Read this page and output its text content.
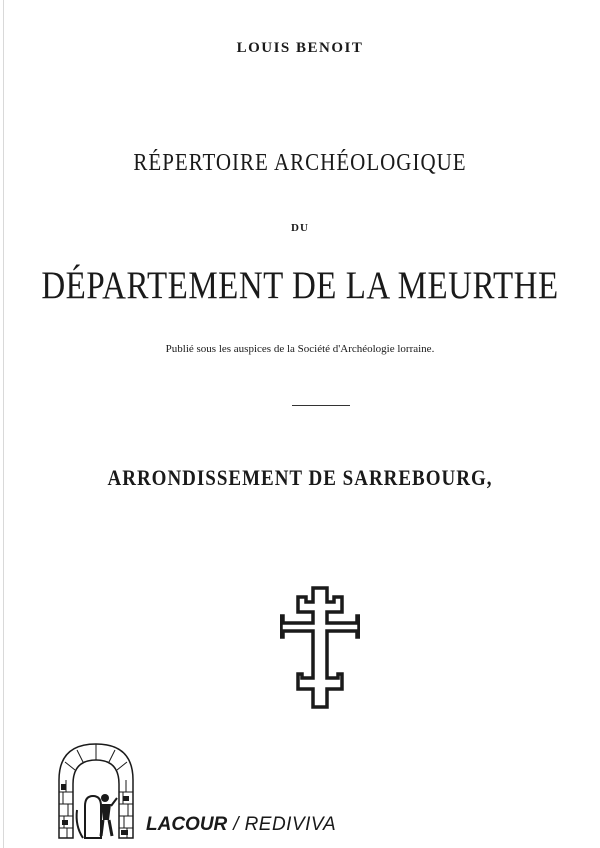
LOUIS BENOIT
RÉPERTOIRE ARCHÉOLOGIQUE
DU
DÉPARTEMENT DE LA MEURTHE
Publié sous les auspices de la Société d'Archéologie lorraine.
ARRONDISSEMENT DE SARREBOURG,
LACOUR / REDIVIVA
